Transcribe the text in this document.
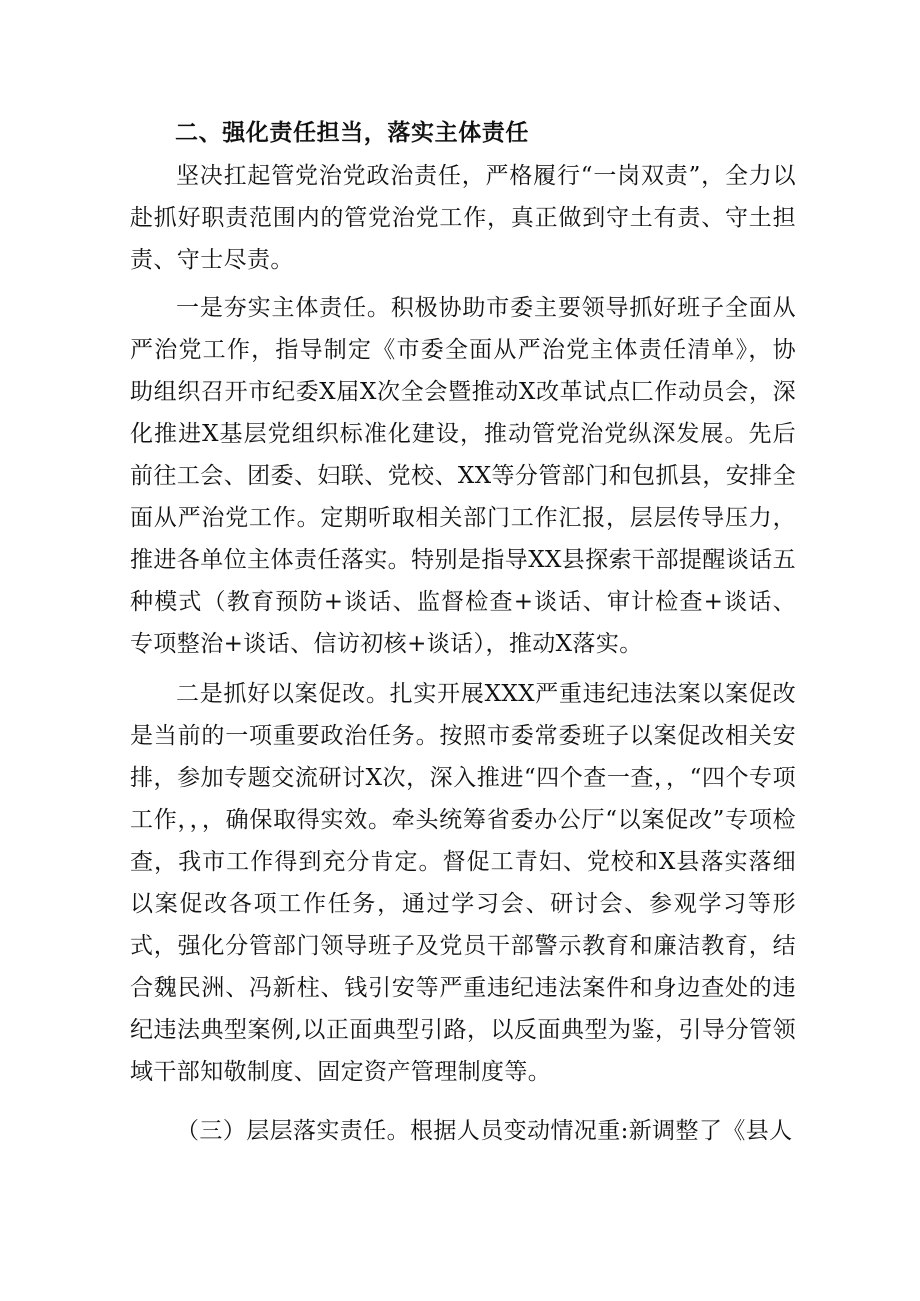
二、强化责任担当，落实主体责任

坚决扛起管党治党政治责任，严格履行“一岗双责”，全力以赴抓好职责范围内的管党治党工作，真正做到守土有责、守土担责、守士尽责。

一是夯实主体责任。积极协助市委主要领导抓好班子全面从严治党工作，指导制定《市委全面从严治党主体责任清单》，协助组织召开市纪委X届X次全会暨推动X改革试点匚作动员会，深化推进X基层党组织标准化建设，推动管党治党纵深发展。先后前往工会、团委、妇联、党校、XX等分管部门和包抓县，安排全面从严治党工作。定期听取相关部门工作汇报，层层传导压力，推进各单位主体责任落实。特别是指导XX县探索干部提醒谈话五种模式（教育预防+谈话、监督检查+谈话、审计检查+谈话、专项整治+谈话、信访初核+谈话），推动X落实。

二是抓好以案促改。扎实开展XXX严重违纪违法案以案促改是当前的一项重要政治任务。按照市委常委班子以案促改相关安排，参加专题交流研讨X次，深入推进“四个查一查，，“四个专项工作，，，确保取得实效。牵头统筹省委办公厅“以案促改”专项检查，我市工作得到充分肯定。督促工青妇、党校和X县落实落细以案促改各项工作任务，通过学习会、研讨会、参观学习等形式，强化分管部门领导班子及党员干部警示教育和廉洁教育，结合魏民洲、冯新柱、钱引安等严重违纪违法案件和身边查处的违纪违法典型案例,以正面典型引路，以反面典型为鉴，引导分管领域干部知敬制度、固定资产管理制度等。

（三）层层落实责任。根据人员变动情况重:新调整了《县人
